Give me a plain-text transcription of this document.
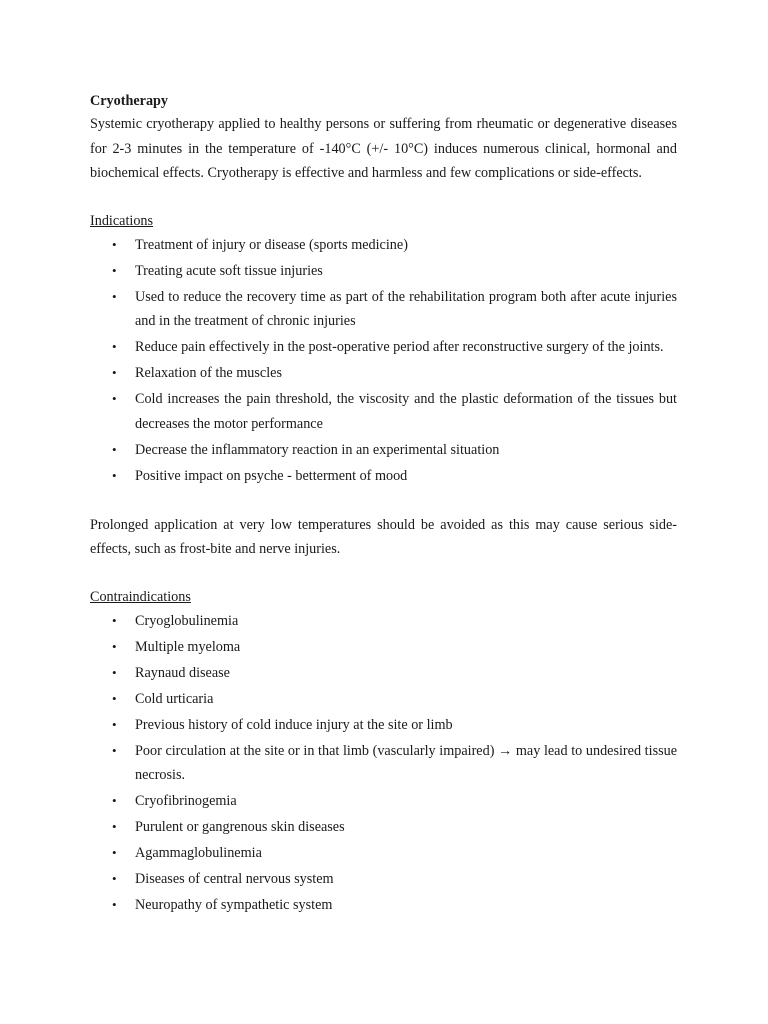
Cryotherapy

Systemic cryotherapy applied to healthy persons or suffering from rheumatic or degenerative diseases for 2-3 minutes in the temperature of -140°C (+/- 10°C) induces numerous clinical, hormonal and biochemical effects. Cryotherapy is effective and harmless and few complications or side-effects.

Indications

• Treatment of injury or disease (sports medicine)
• Treating acute soft tissue injuries
• Used to reduce the recovery time as part of the rehabilitation program both after acute injuries and in the treatment of chronic injuries
• Reduce pain effectively in the post-operative period after reconstructive surgery of the joints.
• Relaxation of the muscles
• Cold increases the pain threshold, the viscosity and the plastic deformation of the tissues but decreases the motor performance
• Decrease the inflammatory reaction in an experimental situation
• Positive impact on psyche - betterment of mood

Prolonged application at very low temperatures should be avoided as this may cause serious side-effects, such as frost-bite and nerve injuries.

Contraindications

• Cryoglobulinemia
• Multiple myeloma
• Raynaud disease
• Cold urticaria
• Previous history of cold induce injury at the site or limb
• Poor circulation at the site or in that limb (vascularly impaired) → may lead to undesired tissue necrosis.
• Cryofibrinogemia
• Purulent or gangrenous skin diseases
• Agammaglobulinemia
• Diseases of central nervous system
• Neuropathy of sympathetic system
